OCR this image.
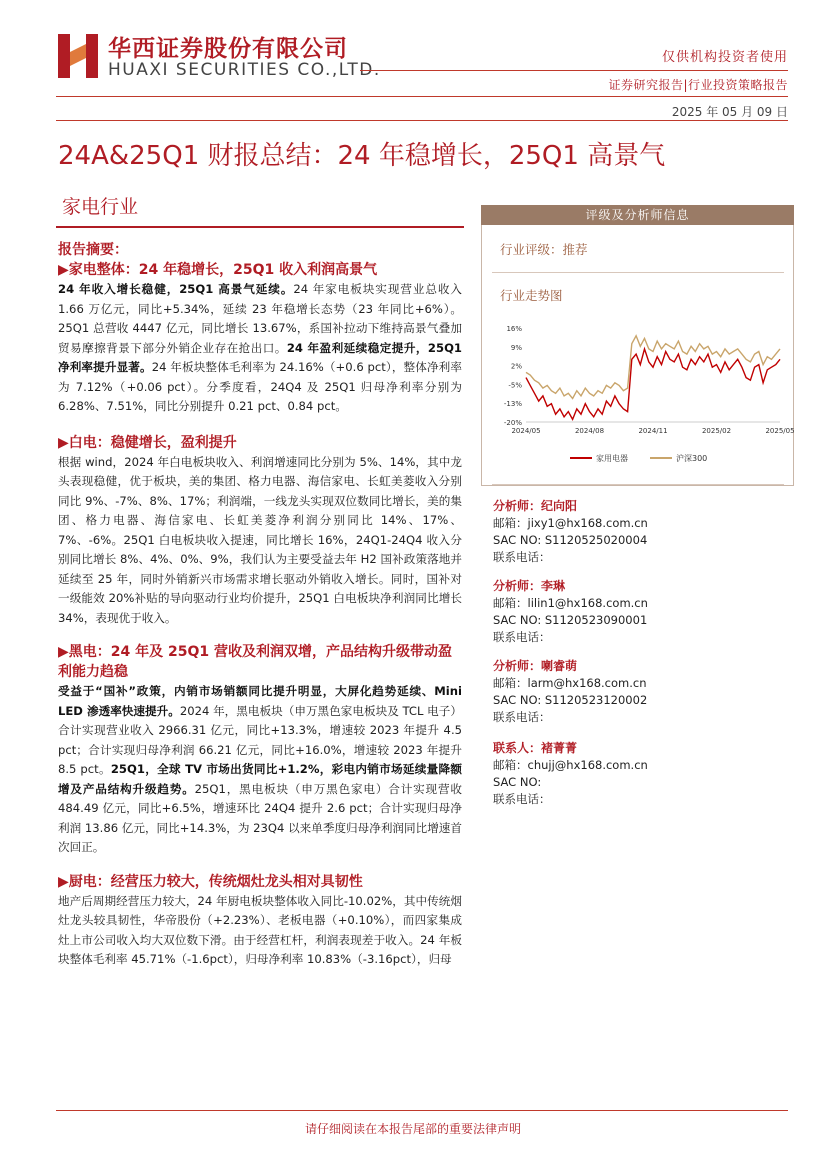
华西证券股份有限公司
HUAXI SECURITIES CO.,LTD.
仅供机构投资者使用
证券研究报告|行业投资策略报告
2025 年 05 月 09 日
24A&25Q1 财报总结：24 年稳增长，25Q1 高景气
家电行业
报告摘要：
▶家电整体：24 年稳增长，25Q1 收入利润高景气

24 年收入增长稳健，25Q1 高景气延续。24 年家电板块实现营业总收入 1.66 万亿元，同比+5.34%，延续 23 年稳增长态势（23 年同比+6%）。25Q1 总营收 4447 亿元，同比增长 13.67%，系国补拉动下维持高景气叠加贸易摩擦背景下部分外销企业存在抢出口。24 年盈利延续稳定提升，25Q1 净利率提升显著。24 年板块整体毛利率为 24.16%（+0.6 pct），整体净利率为 7.12%（+0.06 pct）。分季度看，24Q4 及 25Q1 归母净利率分别为 6.28%、7.51%，同比分别提升 0.21 pct、0.84 pct。

▶白电：稳健增长，盈利提升

根据 wind，2024 年白电板块收入、利润增速同比分别为 5%、14%，其中龙头表现稳健，优于板块，美的集团、格力电器、海信家电、长虹美菱收入分别同比 9%、-7%、8%、17%；利润端，一线龙头实现双位数同比增长，美的集团、格力电器、海信家电、长虹美菱净利润分别同比 14%、17%、7%、-6%。25Q1 白电板块收入提速，同比增长 16%，24Q1-24Q4 收入分别同比增长 8%、4%、0%、9%，我们认为主要受益去年 H2 国补政策落地并延续至 25 年，同时外销新兴市场需求增长驱动外销收入增长。同时，国补对一级能效 20%补贴的导向驱动行业均价提升，25Q1 白电板块净利润同比增长 34%，表现优于收入。

▶黑电：24 年及 25Q1 营收及利润双增，产品结构升级带动盈利能力趋稳

受益于“国补”政策，内销市场销额同比提升明显，大屏化趋势延续、Mini LED 渗透率快速提升。2024 年，黑电板块（申万黑色家电板块及 TCL 电子）合计实现营业收入 2966.31 亿元，同比+13.3%，增速较 2023 年提升 4.5 pct；合计实现归母净利润 66.21 亿元，同比+16.0%，增速较 2023 年提升 8.5 pct。25Q1，全球 TV 市场出货同比+1.2%，彩电内销市场延续量降额增及产品结构升级趋势。25Q1，黑电板块（申万黑色家电）合计实现营收 484.49 亿元，同比+6.5%，增速环比 24Q4 提升 2.6 pct；合计实现归母净利润 13.86 亿元，同比+14.3%，为 23Q4 以来单季度归母净利润同比增速首次回正。

▶厨电：经营压力较大，传统烟灶龙头相对具韧性

地产后周期经营压力较大，24 年厨电板块整体收入同比-10.02%，其中传统烟灶龙头较具韧性，华帝股份（+2.23%）、老板电器（+0.10%），而四家集成灶上市公司收入均大双位数下滑。由于经营杠杆，利润表现差于收入。24 年板块整体毛利率 45.71%（-1.6pct），归母净利率 10.83%（-3.16pct），归母

评级及分析师信息
行业评级：推荐
行业走势图
16%
9%
2%
-5%
-13%
-20%
2024/05	2024/08	2024/11	2025/02	2025/05
家用电器	沪深300
分析师：纪向阳
邮箱：jixy1@hx168.com.cn
SAC NO: S1120525020004
联系电话：
分析师：李琳
邮箱：lilin1@hx168.com.cn
SAC NO: S1120523090001
联系电话：
分析师：喇睿萌
邮箱：larm@hx168.com.cn
SAC NO: S1120523120002
联系电话：
联系人：褚菁菁
邮箱：chujj@hx168.com.cn
SAC NO:
联系电话：
请仔细阅读在本报告尾部的重要法律声明
